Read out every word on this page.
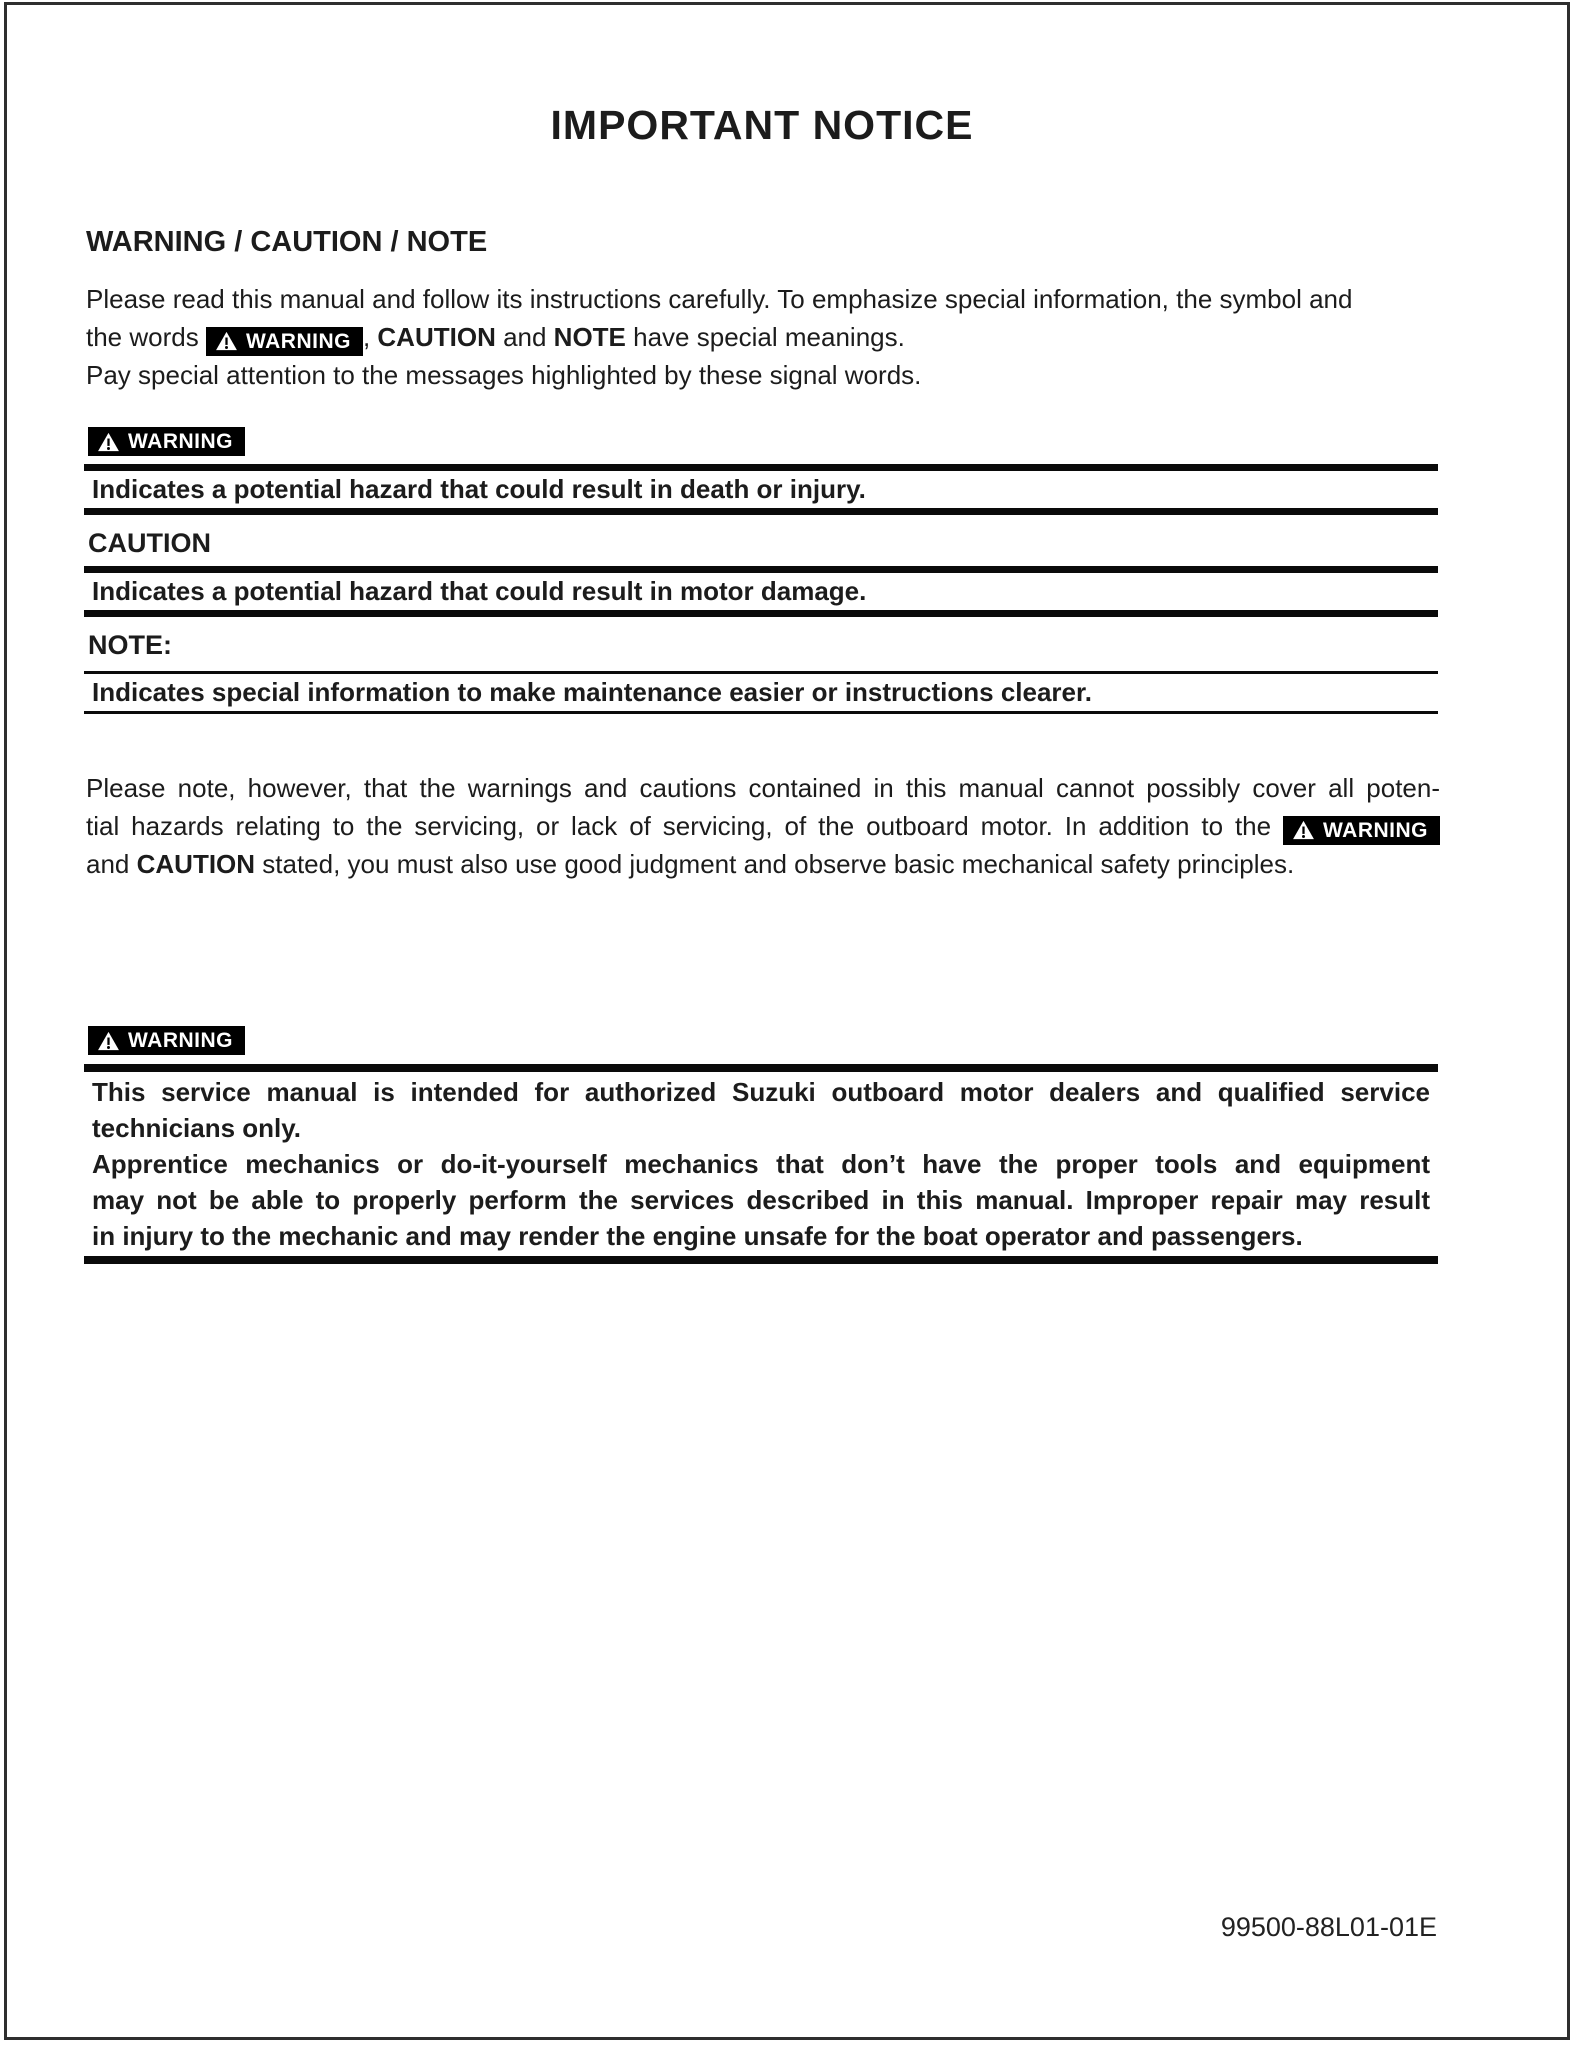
IMPORTANT NOTICE
WARNING / CAUTION / NOTE
Please read this manual and follow its instructions carefully. To emphasize special information, the symbol and
the words WARNING , CAUTION and NOTE have special meanings.
Pay special attention to the messages highlighted by these signal words.
WARNING
Indicates a potential hazard that could result in death or injury.
CAUTION
Indicates a potential hazard that could result in motor damage.
NOTE:
Indicates special information to make maintenance easier or instructions clearer.
Please note, however, that the warnings and cautions contained in this manual cannot possibly cover all poten-
tial hazards relating to the servicing, or lack of servicing, of the outboard motor. In addition to the WARNING
and CAUTION stated, you must also use good judgment and observe basic mechanical safety principles.
WARNING
This service manual is intended for authorized Suzuki outboard motor dealers and qualified service
technicians only.
Apprentice mechanics or do-it-yourself mechanics that don’t have the proper tools and equipment
may not be able to properly perform the services described in this manual. Improper repair may result
in injury to the mechanic and may render the engine unsafe for the boat operator and passengers.
99500-88L01-01E
